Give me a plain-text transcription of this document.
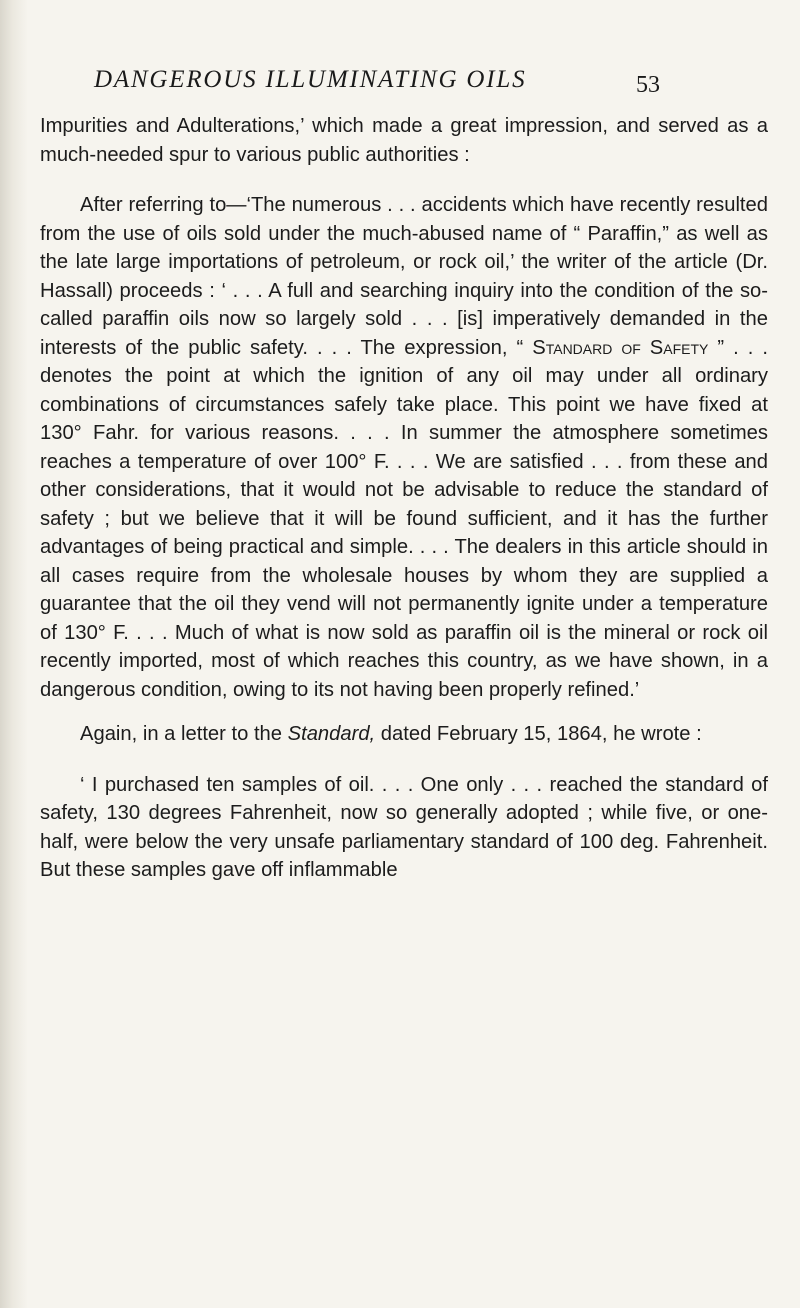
DANGEROUS ILLUMINATING OILS	53

Impurities and Adulterations,’ which made a great impression, and served as a much-needed spur to various public authorities :

After referring to—‘The numerous . . . accidents which have recently resulted from the use of oils sold under the much-abused name of “ Paraffin,” as well as the late large importations of petroleum, or rock oil,’ the writer of the article (Dr. Hassall) proceeds : ‘ . . . A full and searching inquiry into the condition of the so-called paraffin oils now so largely sold . . . [is] imperatively demanded in the interests of the public safety. . . . The expression, “ Standard of Safety ” . . . denotes the point at which the ignition of any oil may under all ordinary combinations of circumstances safely take place. This point we have fixed at 130° Fahr. for various reasons. . . . In summer the atmosphere sometimes reaches a temperature of over 100° F. . . . We are satisfied . . . from these and other considerations, that it would not be advisable to reduce the standard of safety ; but we believe that it will be found sufficient, and it has the further advantages of being practical and simple. . . . The dealers in this article should in all cases require from the wholesale houses by whom they are supplied a guarantee that the oil they vend will not permanently ignite under a temperature of 130° F. . . . Much of what is now sold as paraffin oil is the mineral or rock oil recently imported, most of which reaches this country, as we have shown, in a dangerous condition, owing to its not having been properly refined.’

Again, in a letter to the Standard, dated February 15, 1864, he wrote :

‘ I purchased ten samples of oil. . . . One only . . . reached the standard of safety, 130 degrees Fahrenheit, now so generally adopted ; while five, or one-half, were below the very unsafe parliamentary standard of 100 deg. Fahrenheit. But these samples gave off inflammable
